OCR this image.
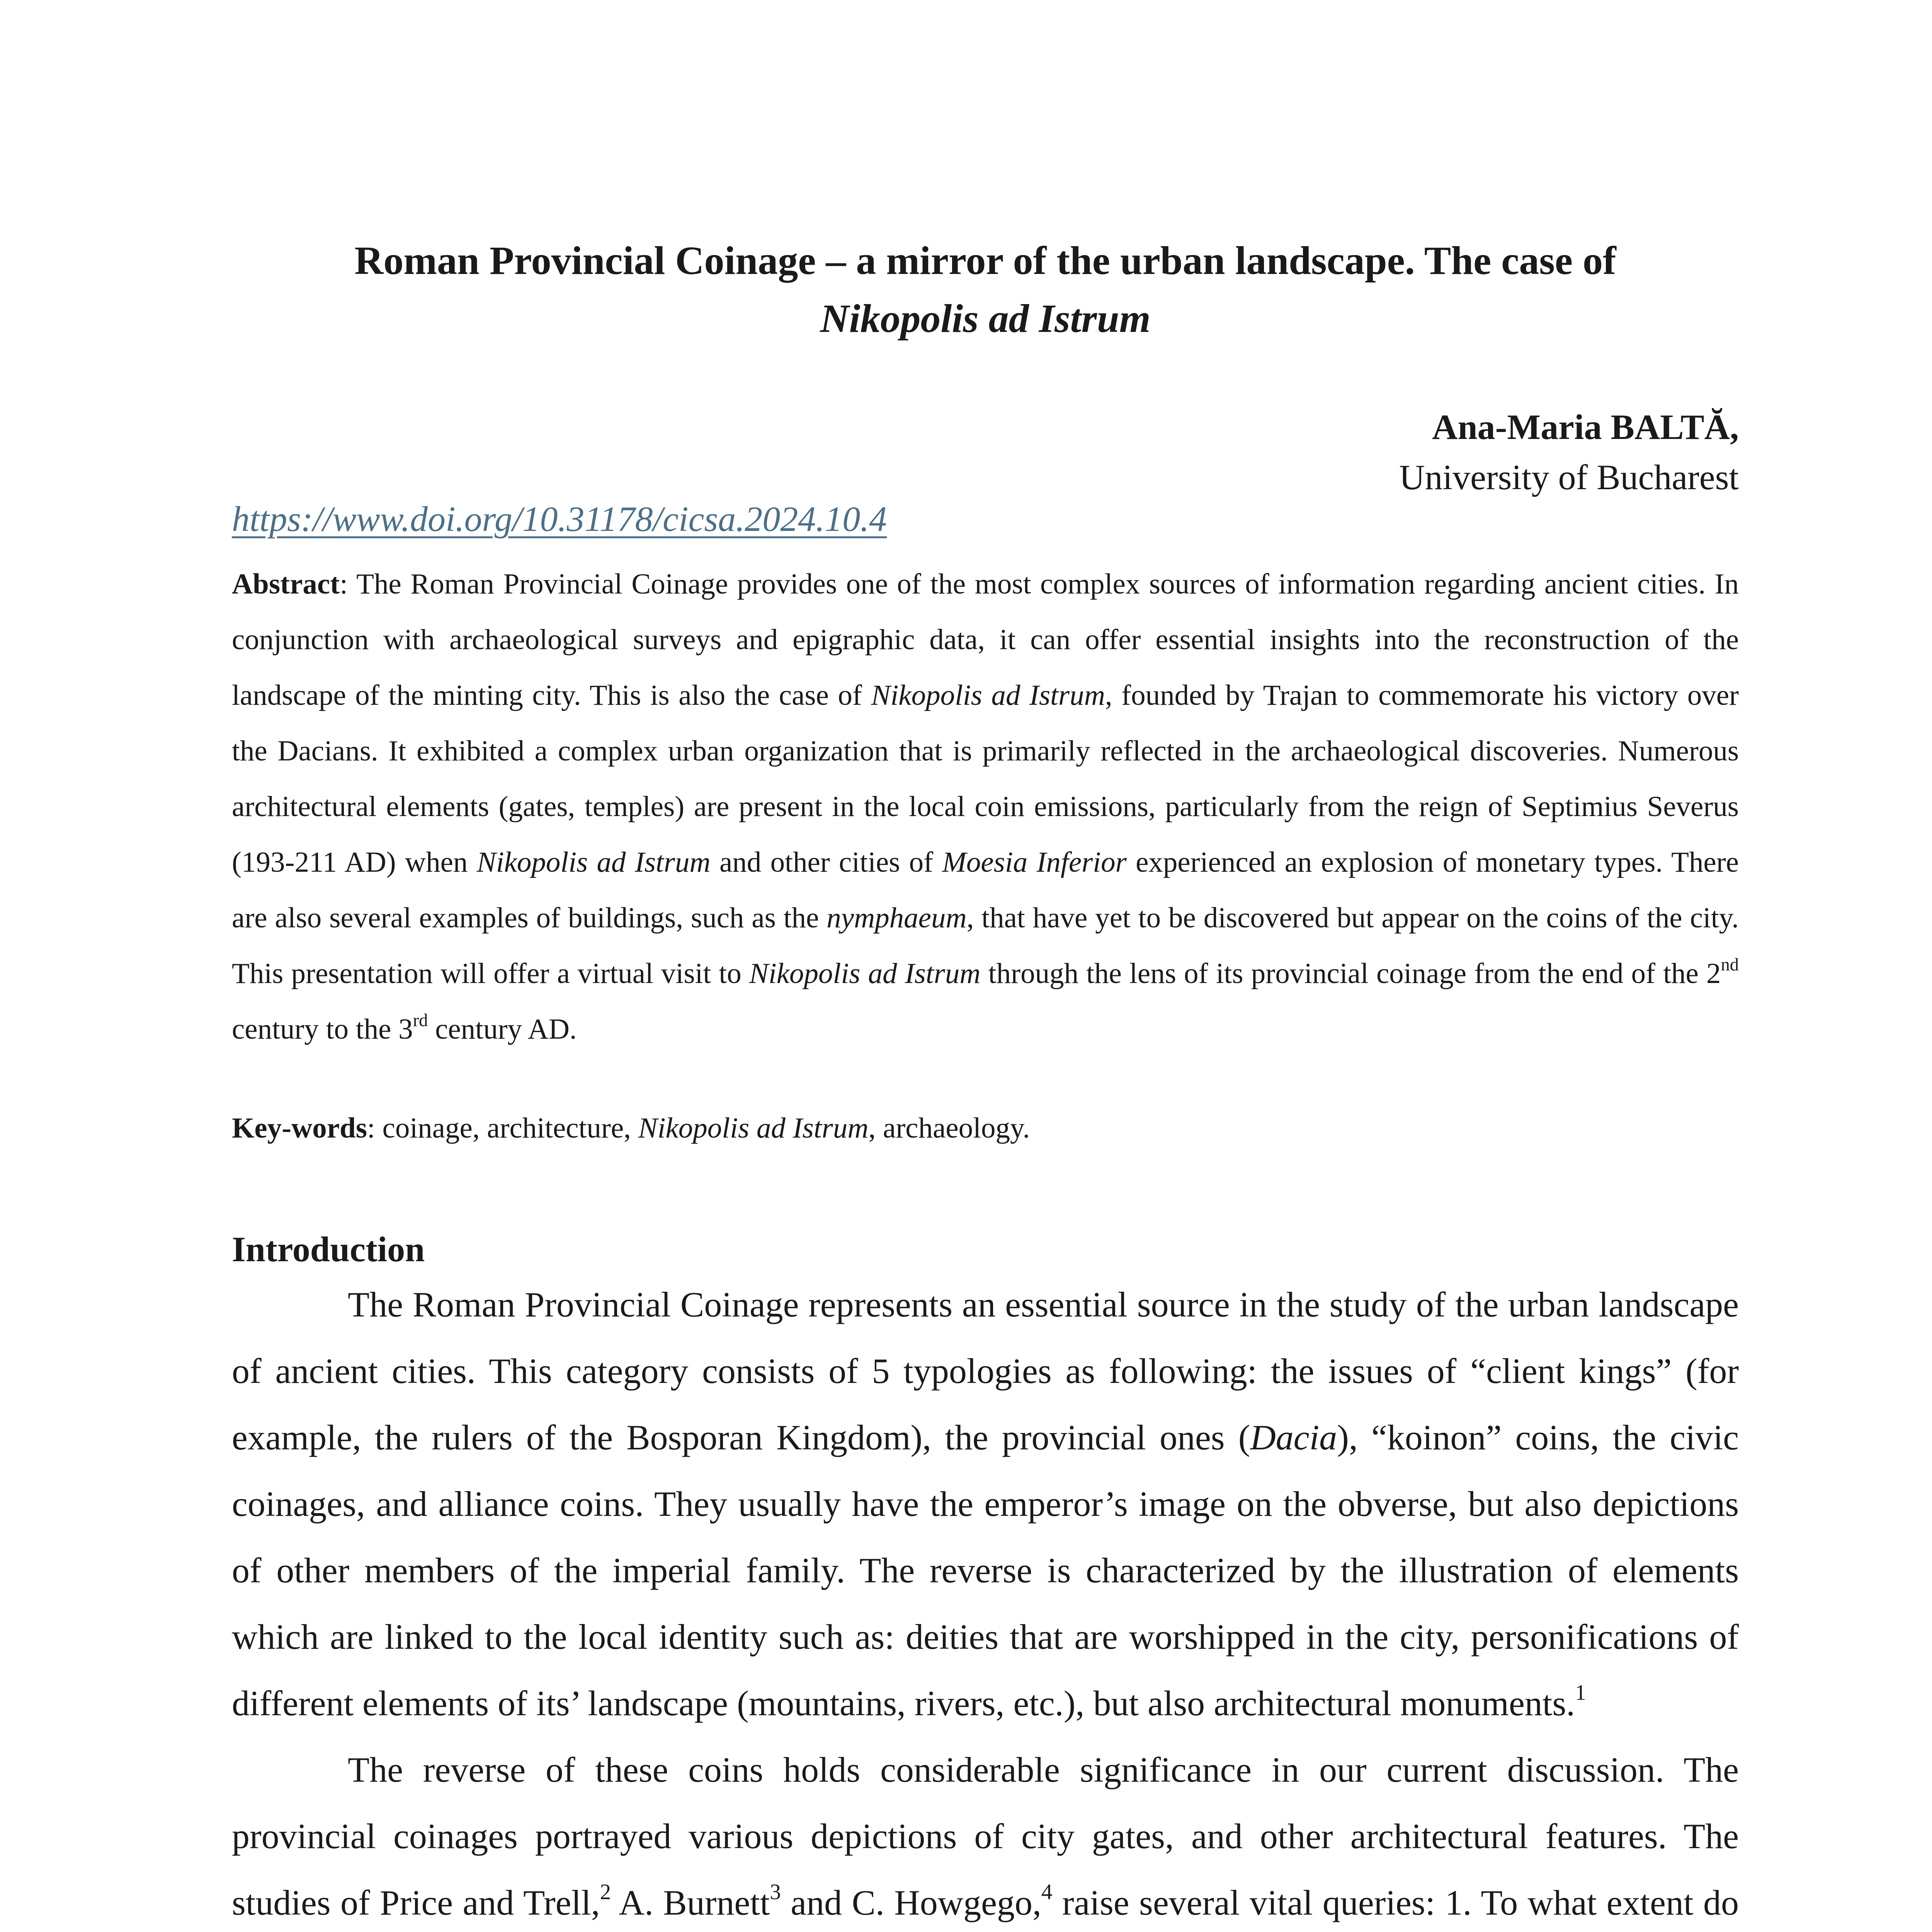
Roman Provincial Coinage – a mirror of the urban landscape. The case of
Nikopolis ad Istrum
Ana-Maria BALTĂ,
University of Bucharest
https://www.doi.org/10.31178/cicsa.2024.10.4

Abstract: The Roman Provincial Coinage provides one of the most complex sources of information regarding ancient cities. In conjunction with archaeological surveys and epigraphic data, it can offer essential insights into the reconstruction of the landscape of the minting city. This is also the case of Nikopolis ad Istrum, founded by Trajan to commemorate his victory over the Dacians. It exhibited a complex urban organization that is primarily reflected in the archaeological discoveries. Numerous architectural elements (gates, temples) are present in the local coin emissions, particularly from the reign of Septimius Severus (193-211 AD) when Nikopolis ad Istrum and other cities of Moesia Inferior experienced an explosion of monetary types. There are also several examples of buildings, such as the nymphaeum, that have yet to be discovered but appear on the coins of the city. This presentation will offer a virtual visit to Nikopolis ad Istrum through the lens of its provincial coinage from the end of the 2nd century to the 3rd century AD.

Key-words: coinage, architecture, Nikopolis ad Istrum, archaeology.
Introduction

The Roman Provincial Coinage represents an essential source in the study of the urban landscape of ancient cities. This category consists of 5 typologies as following: the issues of “client kings” (for example, the rulers of the Bosporan Kingdom), the provincial ones (Dacia), “koinon” coins, the civic coinages, and alliance coins. They usually have the emperor’s image on the obverse, but also depictions of other members of the imperial family. The reverse is characterized by the illustration of elements which are linked to the local identity such as: deities that are worshipped in the city, personifications of different elements of its’ landscape (mountains, rivers, etc.), but also architectural monuments.$^1$

The reverse of these coins holds considerable significance in our current discussion. The provincial coinages portrayed various depictions of city gates, and other architectural features. The studies of Price and Trell,$^2$ A. Burnett$^3$ and C. Howgego,$^4$ raise several vital queries: 1. To what extent do
